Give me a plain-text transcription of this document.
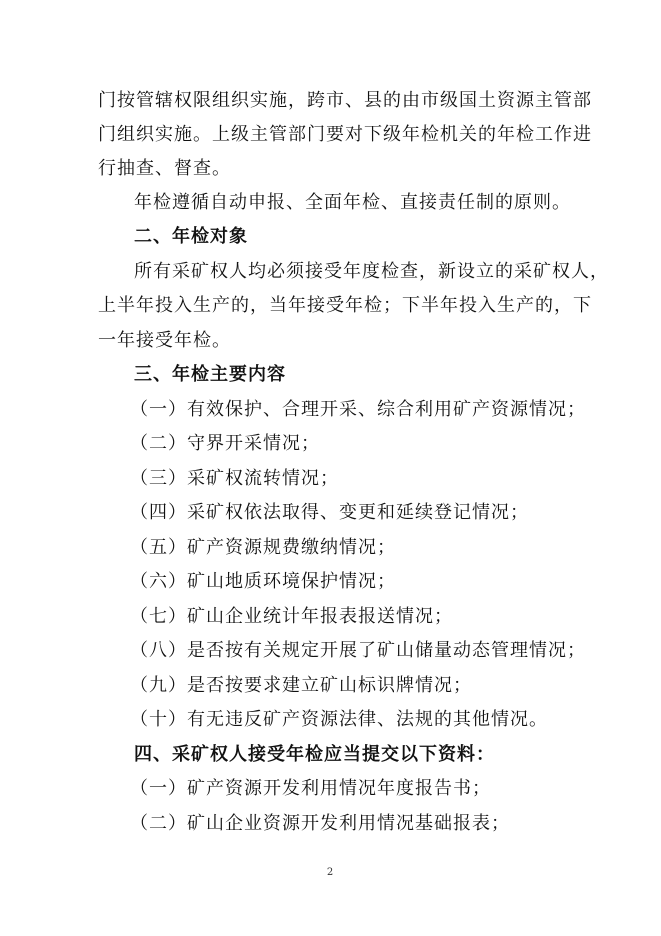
门按管辖权限组织实施，跨市、县的由市级国土资源主管部
门组织实施。上级主管部门要对下级年检机关的年检工作进
行抽查、督查。
年检遵循自动申报、全面年检、直接责任制的原则。
二、年检对象
所有采矿权人均必须接受年度检查，新设立的采矿权人，
上半年投入生产的，当年接受年检；下半年投入生产的，下
一年接受年检。
三、年检主要内容
（一）有效保护、合理开采、综合利用矿产资源情况；
（二）守界开采情况；
（三）采矿权流转情况；
（四）采矿权依法取得、变更和延续登记情况；
（五）矿产资源规费缴纳情况；
（六）矿山地质环境保护情况；
（七）矿山企业统计年报表报送情况；
（八）是否按有关规定开展了矿山储量动态管理情况；
（九）是否按要求建立矿山标识牌情况；
（十）有无违反矿产资源法律、法规的其他情况。
四、采矿权人接受年检应当提交以下资料：
（一）矿产资源开发利用情况年度报告书；
（二）矿山企业资源开发利用情况基础报表；
2
